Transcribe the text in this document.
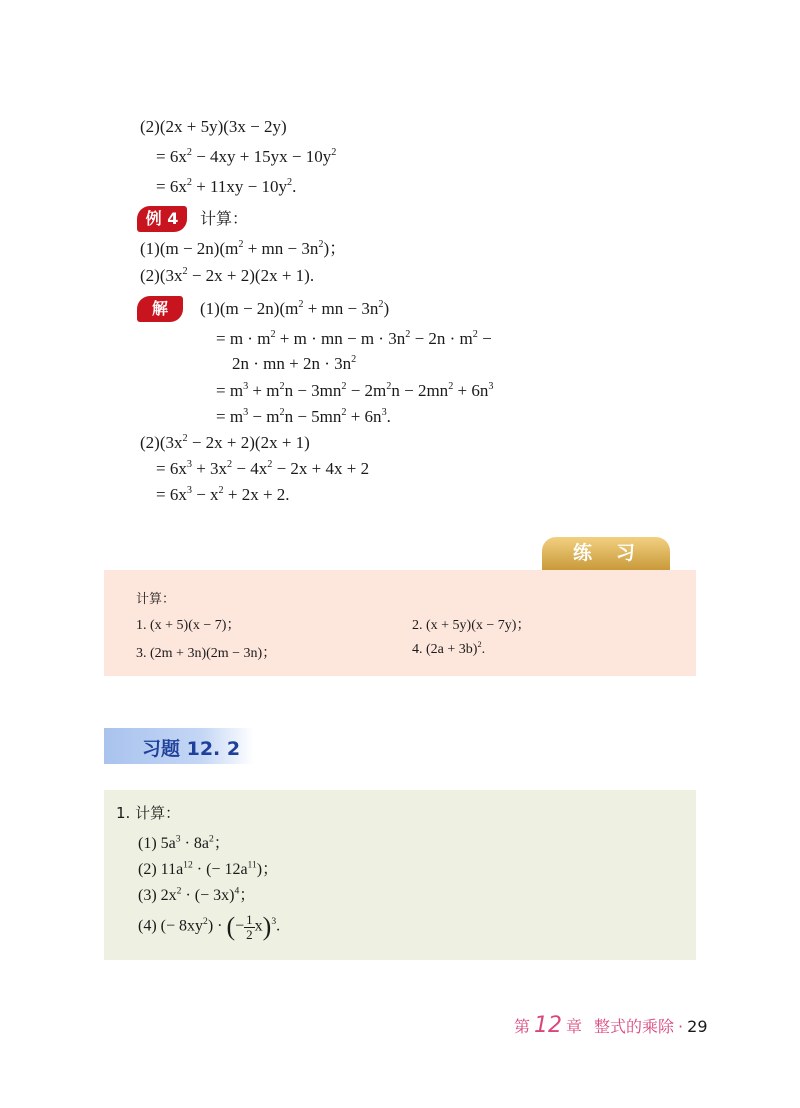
(2)(2x + 5y)(3x − 2y)
= $6x^2 - 4xy + 15yx - 10y^2$
= $6x^2 + 11xy - 10y^2$.
例 4	计算：
$(1)(m - 2n)(m^2$ + mn − $3n^2$)；
$(2)(3x^2 - 2x + 2)(2x + 1)$.
解	$(1)(m - 2n)(m^2$ + mn − $3n^2$)
= $m \cdot m^2 + m$ · mn − $m \cdot 3n^2 - 2n \cdot m^2$ −
2n · mn + $2n \cdot 3n^2$
= $m^3 + m^2n - 3mn^2 - 2m^2n - 2mn^2 + 6n^3$
= $m^3 - m^2n - 5mn^2 + 6n^3$.
$(2)(3x^2 - 2x + 2)(2x + 1)$
= $6x^3 + 3x^2 - 4x^2 - 2x + 4x + 2$
= $6x^3 - x^2 + 2x + 2$.
练习
计算：
1. (x + 5)(x − 7)；	2. (x + 5y)(x − 7y)；
3. (2m + 3n)(2m − 3n)；	4. $(2a + 3b)^2$.
习题 12. 2
1. 计算：
(1) $5a^3 \cdot 8a^2$；
(2) $11a^{12}$ · (− $12a^{11}$)；
(3) $2x^2$ · (− 3x)$^4$；
(4) (− $8xy^2$) · (− $\frac{1}{2} x)^3$.
第 12 章 整式的乘除 · 29
